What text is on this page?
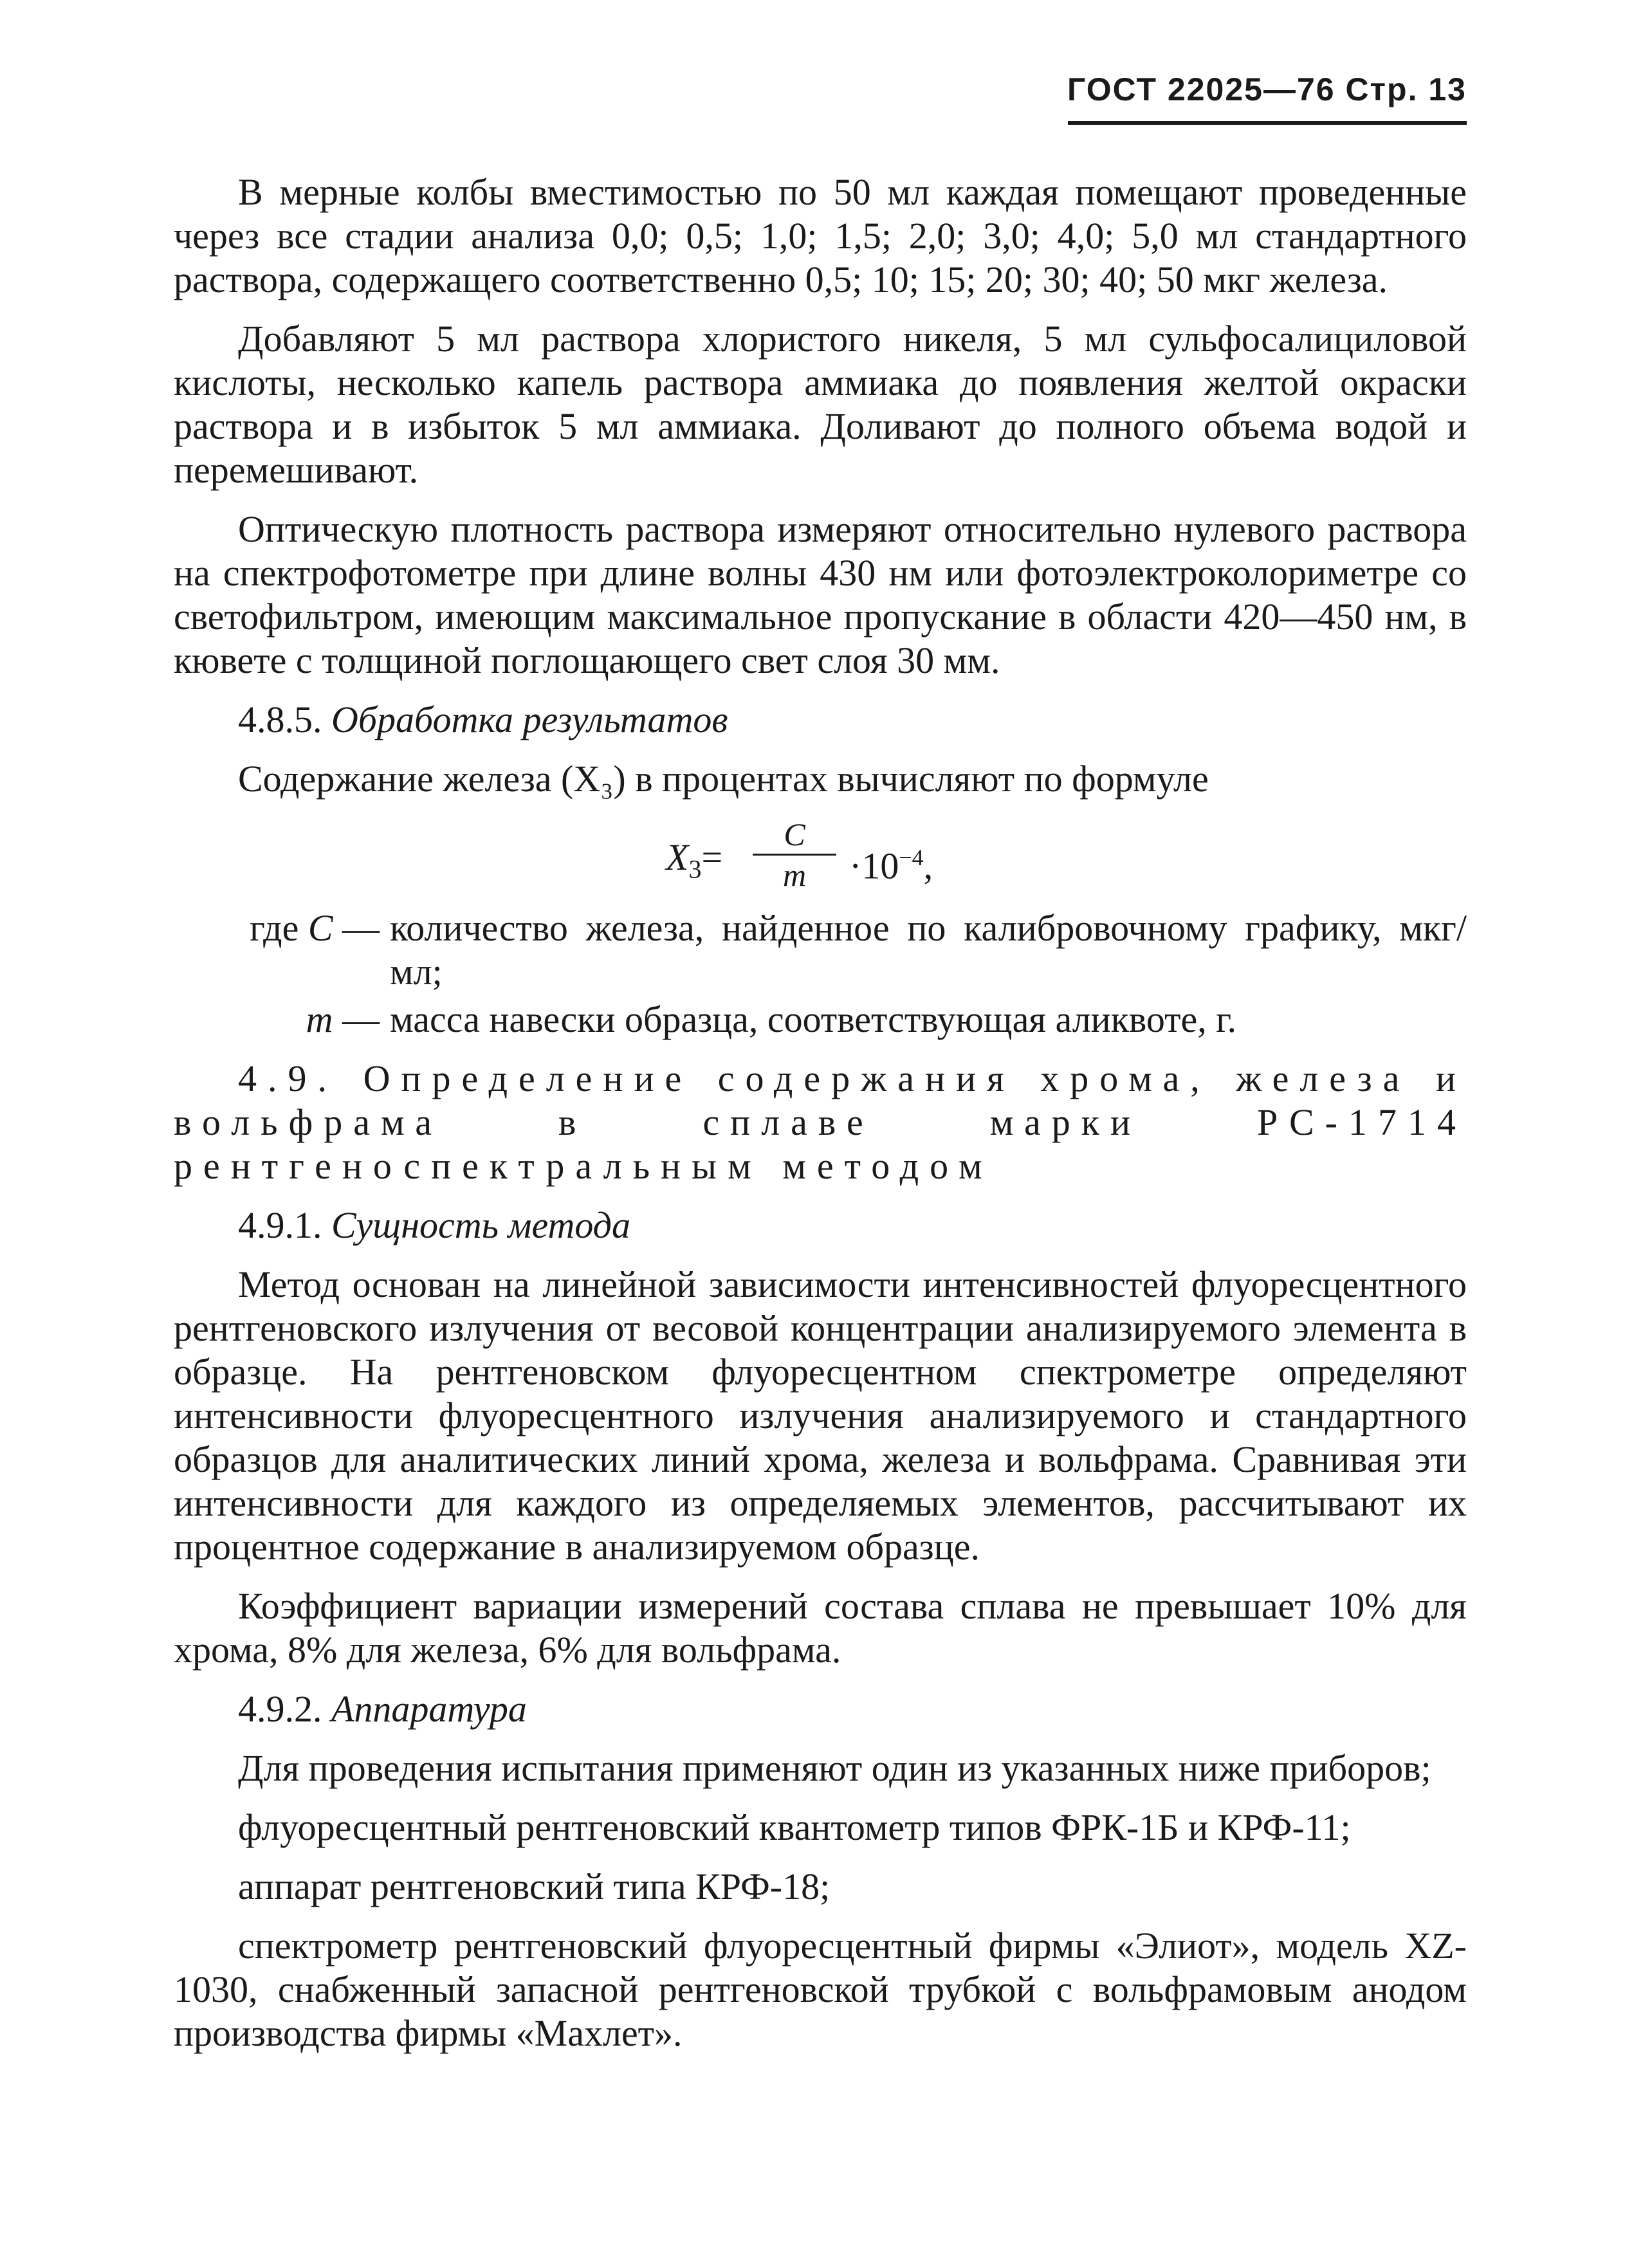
ГОСТ 22025—76 Стр. 13

В мерные колбы вместимостью по 50 мл каждая помещают проведенные через все стадии анализа 0,0; 0,5; 1,0; 1,5; 2,0; 3,0; 4,0; 5,0 мл стандартного раствора, содержащего соответственно 0,5; 10; 15; 20; 30; 40; 50 мкг железа.

Добавляют 5 мл раствора хлористого никеля, 5 мл сульфосалициловой кислоты, несколько капель раствора аммиака до появления желтой окраски раствора и в избыток 5 мл аммиака. Доливают до полного объема водой и перемешивают.

Оптическую плотность раствора измеряют относительно нулевого раствора на спектрофотометре при длине волны 430 нм или фотоэлектроколориметре со светофильтром, имеющим максимальное пропускание в области 420—450 нм, в кювете с толщиной поглощающего свет слоя 30 мм.

4.8.5. Обработка результатов

Содержание железа (X₃) в процентах вычисляют по формуле

$X_3=$
C
m	$\cdot 10^{-4}$,
где C — количество железа, найденное по калибровочному графику, мкг/мл;
m — масса навески образца, соответствующая аликвоте, г.

4.9. Определение содержания хрома, железа и вольфрама в сплаве марки РС-1714 рентгеноспектральным методом

4.9.1. Сущность метода

Метод основан на линейной зависимости интенсивностей флуоресцентного рентгеновского излучения от весовой концентрации анализируемого элемента в образце. На рентгеновском флуоресцентном спектрометре определяют интенсивности флуоресцентного излучения анализируемого и стандартного образцов для аналитических линий хрома, железа и вольфрама. Сравнивая эти интенсивности для каждого из определяемых элементов, рассчитывают их процентное содержание в анализируемом образце.

Коэффициент вариации измерений состава сплава не превышает 10% для хрома, 8% для железа, 6% для вольфрама.

4.9.2. Аппаратура

Для проведения испытания применяют один из указанных ниже приборов;

флуоресцентный рентгеновский квантометр типов ФРК-1Б и КРФ-11;

аппарат рентгеновский типа КРФ-18;

спектрометр рентгеновский флуоресцентный фирмы «Элиот», модель XZ-1030, снабженный запасной рентгеновской трубкой с вольфрамовым анодом производства фирмы «Махлет».
